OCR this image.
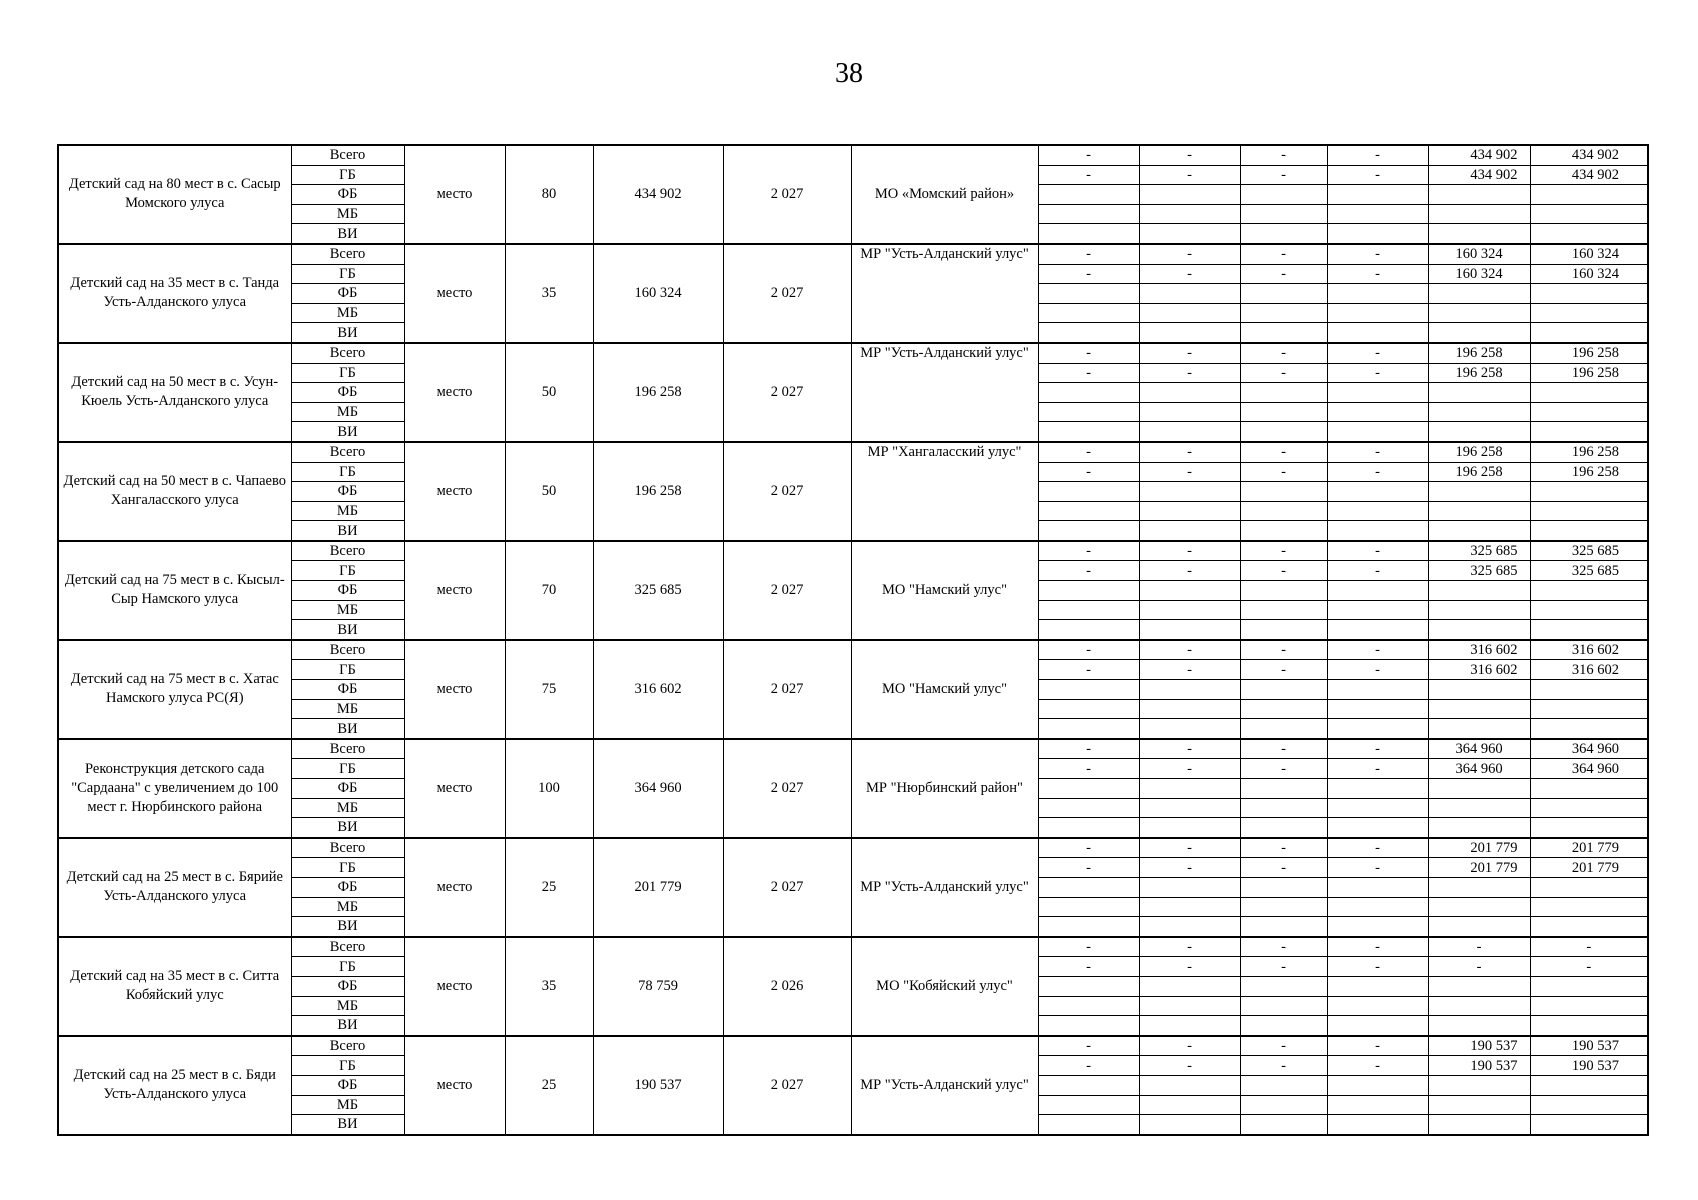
38
Детский сад на 80 мест в с. Сасыр Момского улуса	Всего	место	80	434 902	2 027	МО «Момский район»	-	-	-	-	434 902	434 902
	ГБ						-	-	-	-	434 902	434 902
	ФБ											
	МБ											
	ВИ											
Детский сад на 35 мест в с. Танда Усть-Алданского улуса	Всего	место	35	160 324	2 027	МР "Усть-Алданский улус"	-	-	-	-	160 324	160 324
	ГБ						-	-	-	-	160 324	160 324
	ФБ											
	МБ											
	ВИ											
Детский сад на 50 мест в с. Усун-Кюель Усть-Алданского улуса	Всего	место	50	196 258	2 027	МР "Усть-Алданский улус"	-	-	-	-	196 258	196 258
	ГБ						-	-	-	-	196 258	196 258
	ФБ											
	МБ											
	ВИ											
Детский сад на 50 мест в с. Чапаево Хангаласского улуса	Всего	место	50	196 258	2 027	МР "Хангаласский улус"	-	-	-	-	196 258	196 258
	ГБ						-	-	-	-	196 258	196 258
	ФБ											
	МБ											
	ВИ											
Детский сад на 75 мест в с. Кысыл-Сыр Намского улуса	Всего	место	70	325 685	2 027	МО "Намский улус"	-	-	-	-	325 685	325 685
	ГБ						-	-	-	-	325 685	325 685
	ФБ											
	МБ											
	ВИ											
Детский сад на 75 мест в с. Хатас Намского улуса РС(Я)	Всего	место	75	316 602	2 027	МО "Намский улус"	-	-	-	-	316 602	316 602
	ГБ						-	-	-	-	316 602	316 602
	ФБ											
	МБ											
	ВИ											
Реконструкция детского сада "Сардаана" с увеличением до 100 мест г. Нюрбинского района	Всего	место	100	364 960	2 027	МР "Нюрбинский район"	-	-	-	-	364 960	364 960
	ГБ						-	-	-	-	364 960	364 960
	ФБ											
	МБ											
	ВИ											
Детский сад на 25 мест в с. Бярийе Усть-Алданского улуса	Всего	место	25	201 779	2 027	МР "Усть-Алданский улус"	-	-	-	-	201 779	201 779
	ГБ						-	-	-	-	201 779	201 779
	ФБ											
	МБ											
	ВИ											
Детский сад на 35 мест в с. Ситта Кобяйский улус	Всего	место	35	78 759	2 026	МО "Кобяйский улус"	-	-	-	-	-	-
	ГБ						-	-	-	-	-	-
	ФБ											
	МБ											
	ВИ											
Детский сад на 25 мест в с. Бяди Усть-Алданского улуса	Всего	место	25	190 537	2 027	МР "Усть-Алданский улус"	-	-	-	-	190 537	190 537
	ГБ						-	-	-	-	190 537	190 537
	ФБ											
	МБ											
	ВИ											
